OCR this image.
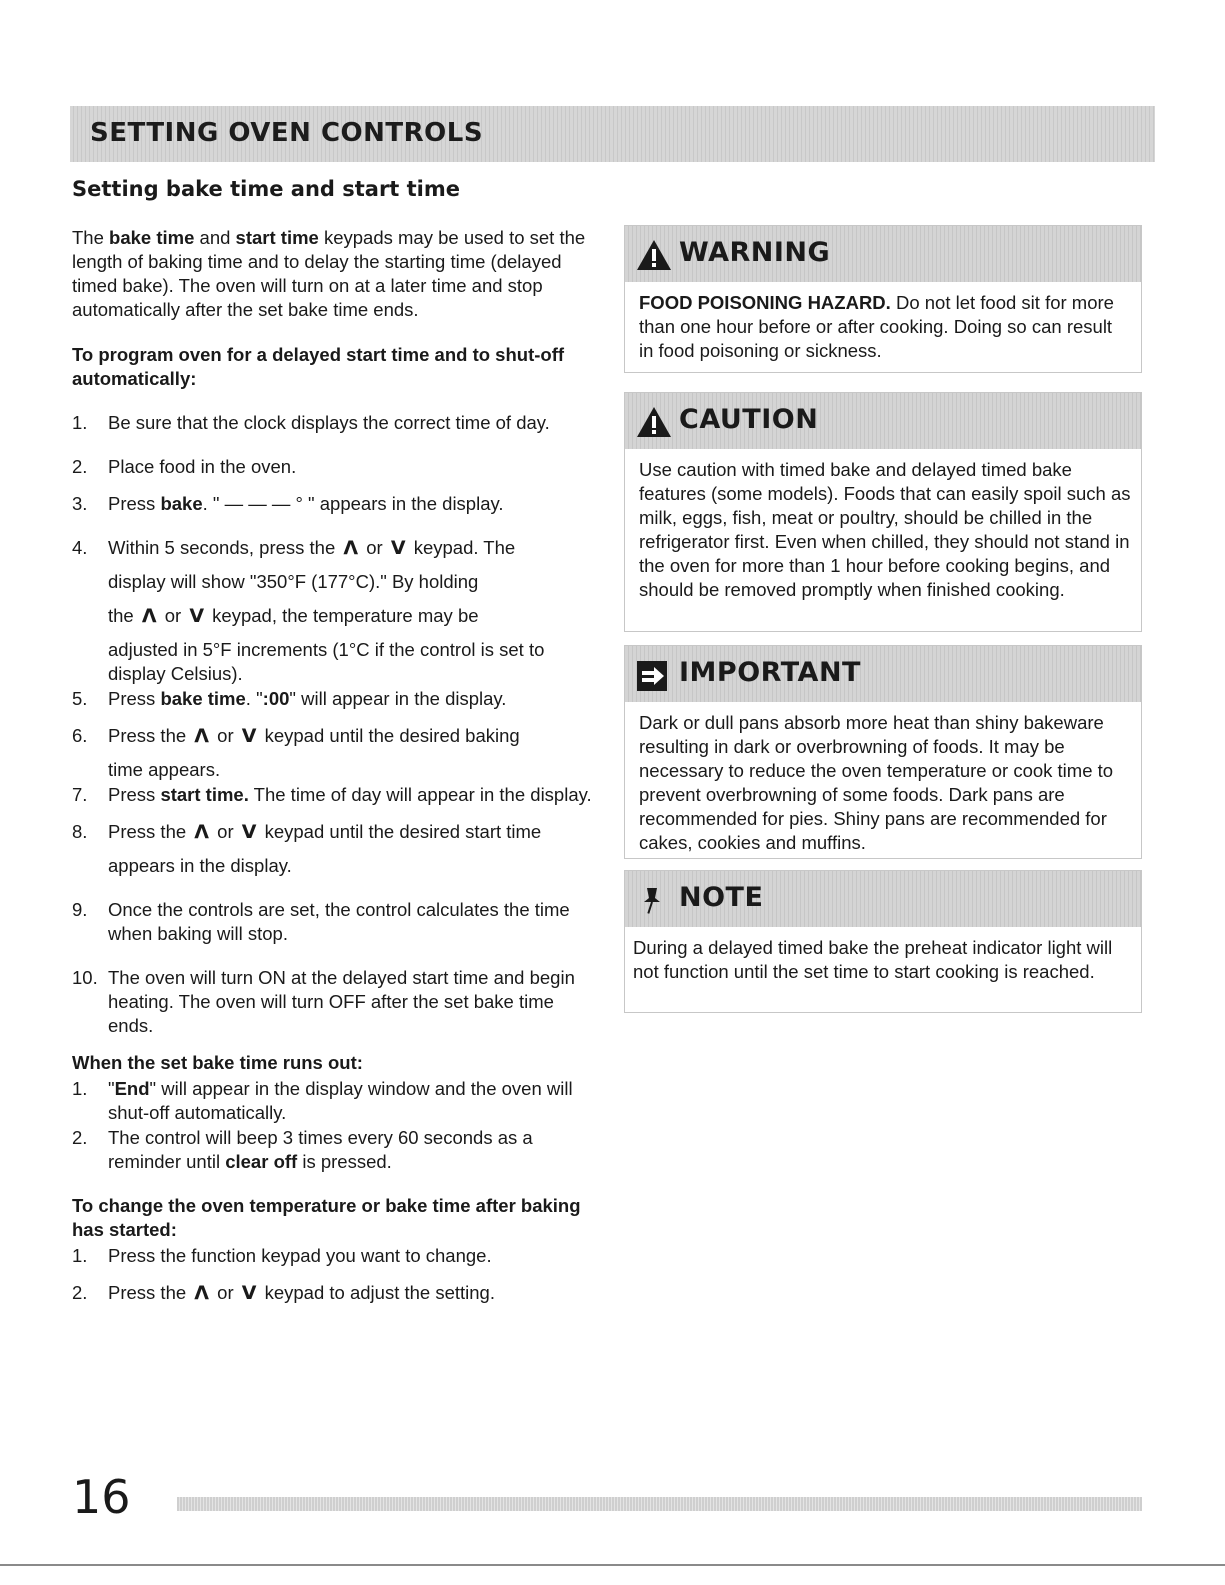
SETTING OVEN CONTROLS
Setting bake time and start time

The bake time and start time keypads may be used to set the length of baking time and to delay the starting time (delayed timed bake). The oven will turn on at a later time and stop automatically after the set bake time ends.

To program oven for a delayed start time and to shut-off automatically:

1. Be sure that the clock displays the correct time of day.
2. Place food in the oven.
3. Press bake. " — — — ° " appears in the display.
4. Within 5 seconds, press the Λ or V keypad. The
display will show "350°F (177°C)." By holding
the Λ or V keypad, the temperature may be
adjusted in 5°F increments (1°C if the control is set to display Celsius).
5. Press bake time. ":00" will appear in the display.
6. Press the Λ or V keypad until the desired baking
time appears.
7. Press start time. The time of day will appear in the display.
8. Press the Λ or V keypad until the desired start time
appears in the display.
9. Once the controls are set, the control calculates the time when baking will stop.
10. The oven will turn ON at the delayed start time and begin heating. The oven will turn OFF after the set bake time ends.

When the set bake time runs out:

1. "End" will appear in the display window and the oven will shut-off automatically.
2. The control will beep 3 times every 60 seconds as a reminder until clear off is pressed.

To change the oven temperature or bake time after baking has started:

1. Press the function keypad you want to change.
2. Press the Λ or V keypad to adjust the setting.
WARNING

FOOD POISONING HAZARD. Do not let food sit for more than one hour before or after cooking. Doing so can result in food poisoning or sickness.

CAUTION

Use caution with timed bake and delayed timed bake features (some models). Foods that can easily spoil such as milk, eggs, fish, meat or poultry, should be chilled in the refrigerator first. Even when chilled, they should not stand in the oven for more than 1 hour before cooking begins, and should be removed promptly when finished cooking.

IMPORTANT

Dark or dull pans absorb more heat than shiny bakeware resulting in dark or overbrowning of foods. It may be necessary to reduce the oven temperature or cook time to prevent overbrowning of some foods. Dark pans are recommended for pies. Shiny pans are recommended for cakes, cookies and muffins.

NOTE

During a delayed timed bake the preheat indicator light will not function until the set time to start cooking is reached.

16
